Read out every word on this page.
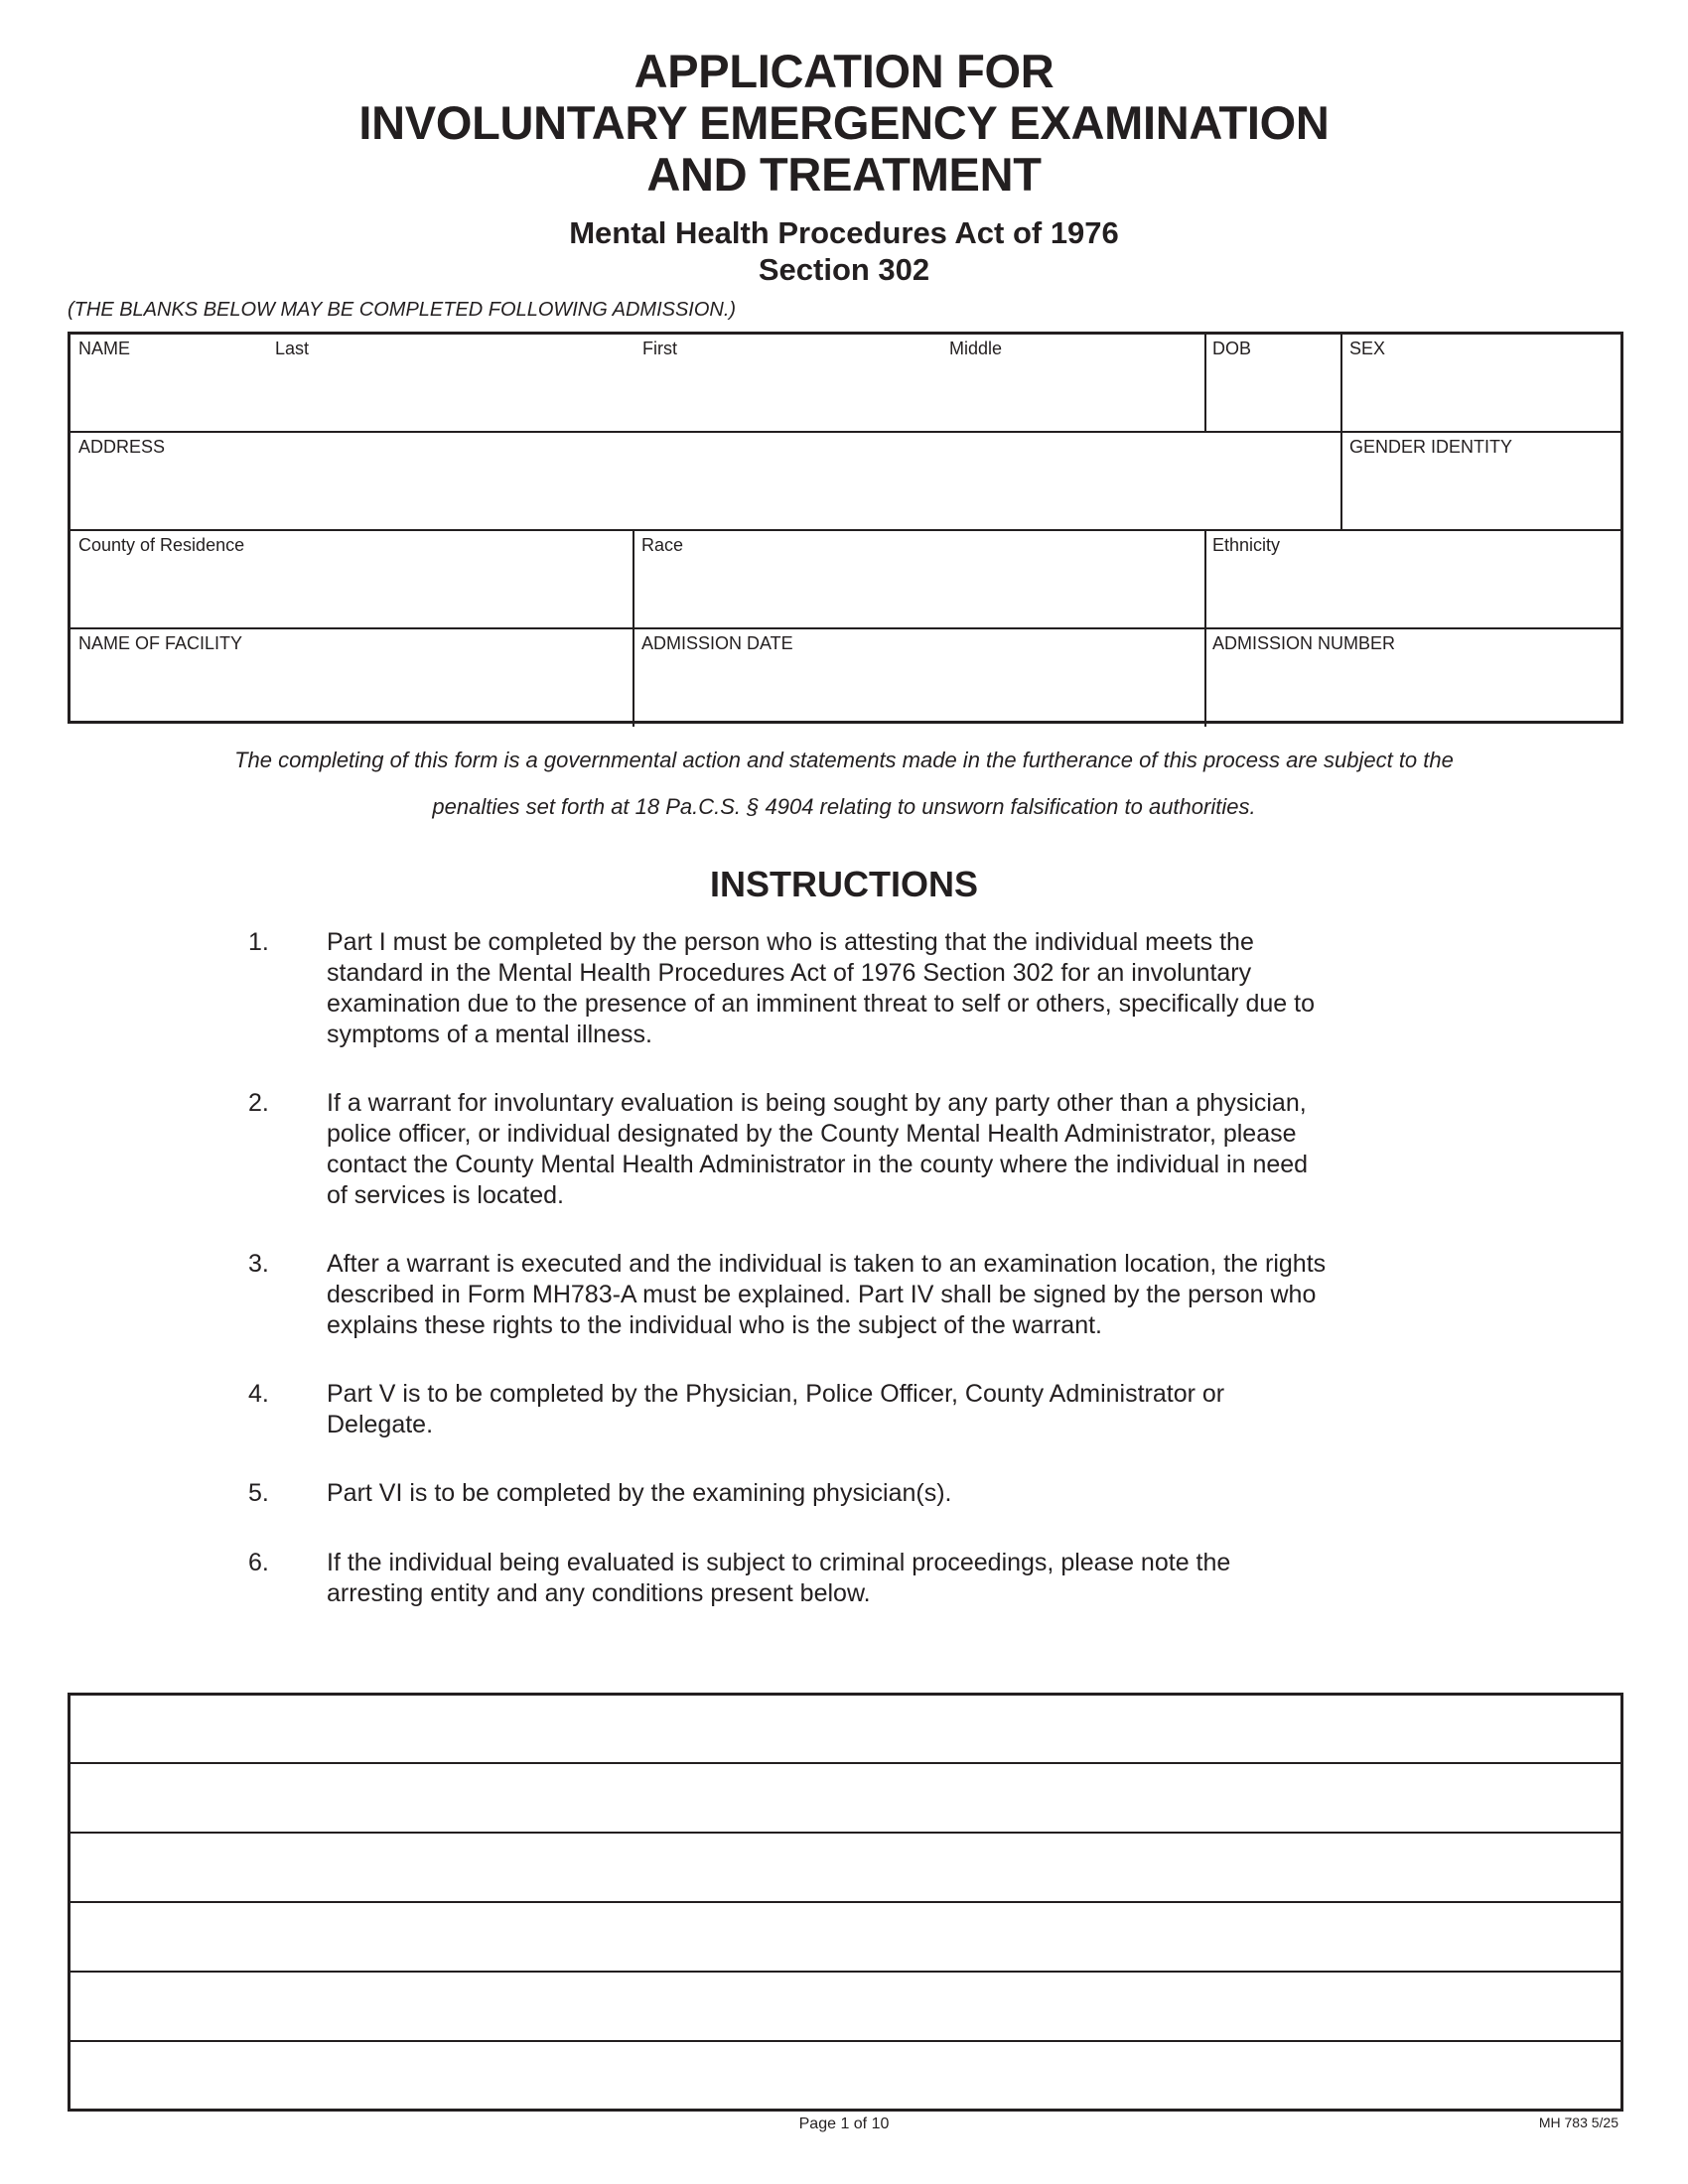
APPLICATION FOR
INVOLUNTARY EMERGENCY EXAMINATION
AND TREATMENT
Mental Health Procedures Act of 1976
Section 302
(THE BLANKS BELOW MAY BE COMPLETED FOLLOWING ADMISSION.)
NAME	Last	First	Middle	DOB	SEX
ADDRESS	GENDER IDENTITY
County of Residence	Race	Ethnicity
NAME OF FACILITY	ADMISSION DATE	ADMISSION NUMBER
The completing of this form is a governmental action and statements made in the furtherance of this process are subject to the
penalties set forth at 18 Pa.C.S. § 4904 relating to unsworn falsification to authorities.
INSTRUCTIONS
1. Part I must be completed by the person who is attesting that the individual meets the
standard in the Mental Health Procedures Act of 1976 Section 302 for an involuntary
examination due to the presence of an imminent threat to self or others, specifically due to
symptoms of a mental illness.
2. If a warrant for involuntary evaluation is being sought by any party other than a physician,
police officer, or individual designated by the County Mental Health Administrator, please
contact the County Mental Health Administrator in the county where the individual in need
of services is located.
3. After a warrant is executed and the individual is taken to an examination location, the rights
described in Form MH783-A must be explained. Part IV shall be signed by the person who
explains these rights to the individual who is the subject of the warrant.
4. Part V is to be completed by the Physician, Police Officer, County Administrator or
Delegate.
5. Part VI is to be completed by the examining physician(s).
6. If the individual being evaluated is subject to criminal proceedings, please note the
arresting entity and any conditions present below.
Page 1 of 10	MH 783 5/25
